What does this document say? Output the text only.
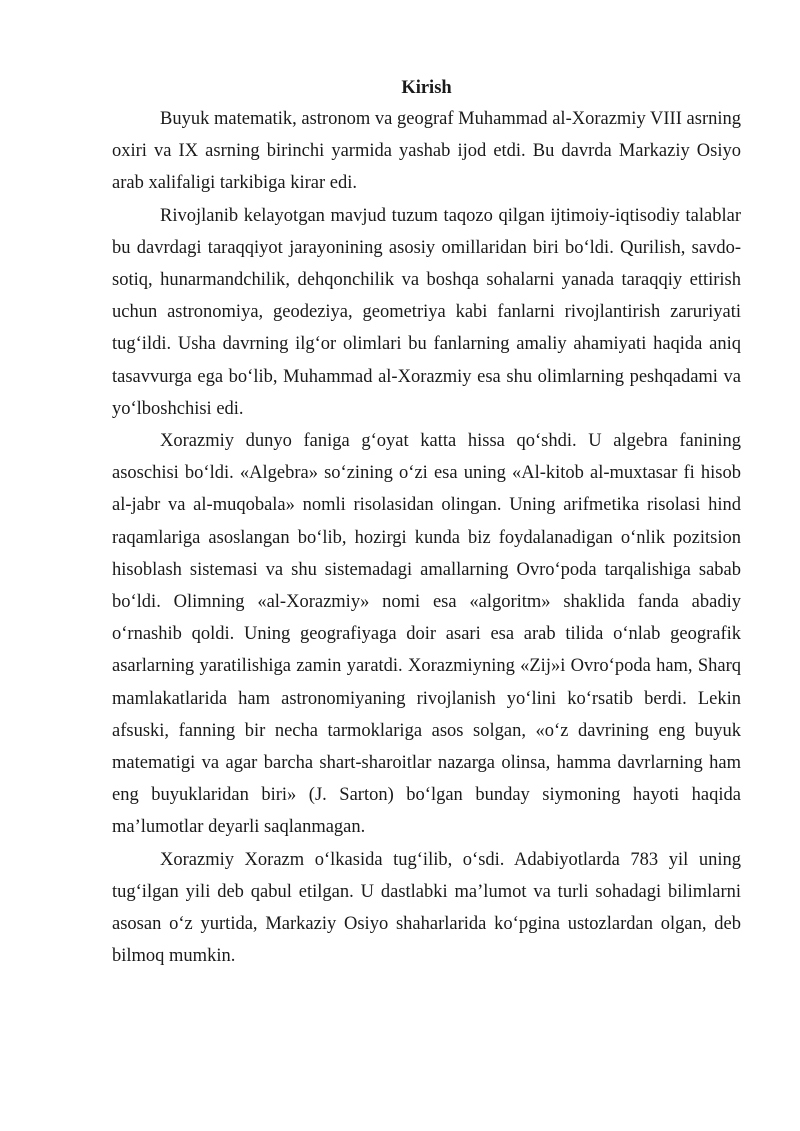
Kirish

Buyuk matematik, astronom va geograf Muhammad al-Xorazmiy VIII asrning oxiri va IX asrning birinchi yarmida yashab ijod etdi. Bu davrda Markaziy Osiyo arab xalifaligi tarkibiga kirar edi.

Rivojlanib kelayotgan mavjud tuzum taqozo qilgan ijtimoiy-iqtisodiy talablar bu davrdagi taraqqiyot jarayonining asosiy omillaridan biri bo‘ldi. Qurilish, savdo-sotiq, hunarmandchilik, dehqonchilik va boshqa sohalarni yanada taraqqiy ettirish uchun astronomiya, geodeziya, geometriya kabi fanlarni rivojlantirish zaruriyati tug‘ildi. Usha davrning ilg‘or olimlari bu fanlarning amaliy ahamiyati haqida aniq tasavvurga ega bo‘lib, Muhammad al-Xorazmiy esa shu olimlarning peshqadami va yo‘lboshchisi edi.

Xorazmiy dunyo faniga g‘oyat katta hissa qo‘shdi. U algebra fanining asoschisi bo‘ldi. «Algebra» so‘zining o‘zi esa uning «Al-kitob al-muxtasar fi hisob al-jabr va al-muqobala» nomli risolasidan olingan. Uning arifmetika risolasi hind raqamlariga asoslangan bo‘lib, hozirgi kunda biz foydalanadigan o‘nlik pozitsion hisoblash sistemasi va shu sistemadagi amallarning Ovro‘poda tarqalishiga sabab bo‘ldi. Olimning «al-Xorazmiy» nomi esa «algoritm» shaklida fanda abadiy o‘rnashib qoldi. Uning geografiyaga doir asari esa arab tilida o‘nlab geografik asarlarning yaratilishiga zamin yaratdi. Xorazmiyning «Zij»i Ovro‘poda ham, Sharq mamlakatlarida ham astronomiyaning rivojlanish yo‘lini ko‘rsatib berdi. Lekin afsuski, fanning bir necha tarmoklariga asos solgan, «o‘z davrining eng buyuk matematigi va agar barcha shart-sharoitlar nazarga olinsa, hamma davrlarning ham eng buyuklaridan biri» (J. Sarton) bo‘lgan bunday siymoning hayoti haqida ma’lumotlar deyarli saqlanmagan.

Xorazmiy Xorazm o‘lkasida tug‘ilib, o‘sdi. Adabiyotlarda 783 yil uning tug‘ilgan yili deb qabul etilgan. U dastlabki ma’lumot va turli sohadagi bilimlarni asosan o‘z yurtida, Markaziy Osiyo shaharlarida ko‘pgina ustozlardan olgan, deb bilmoq mumkin.
